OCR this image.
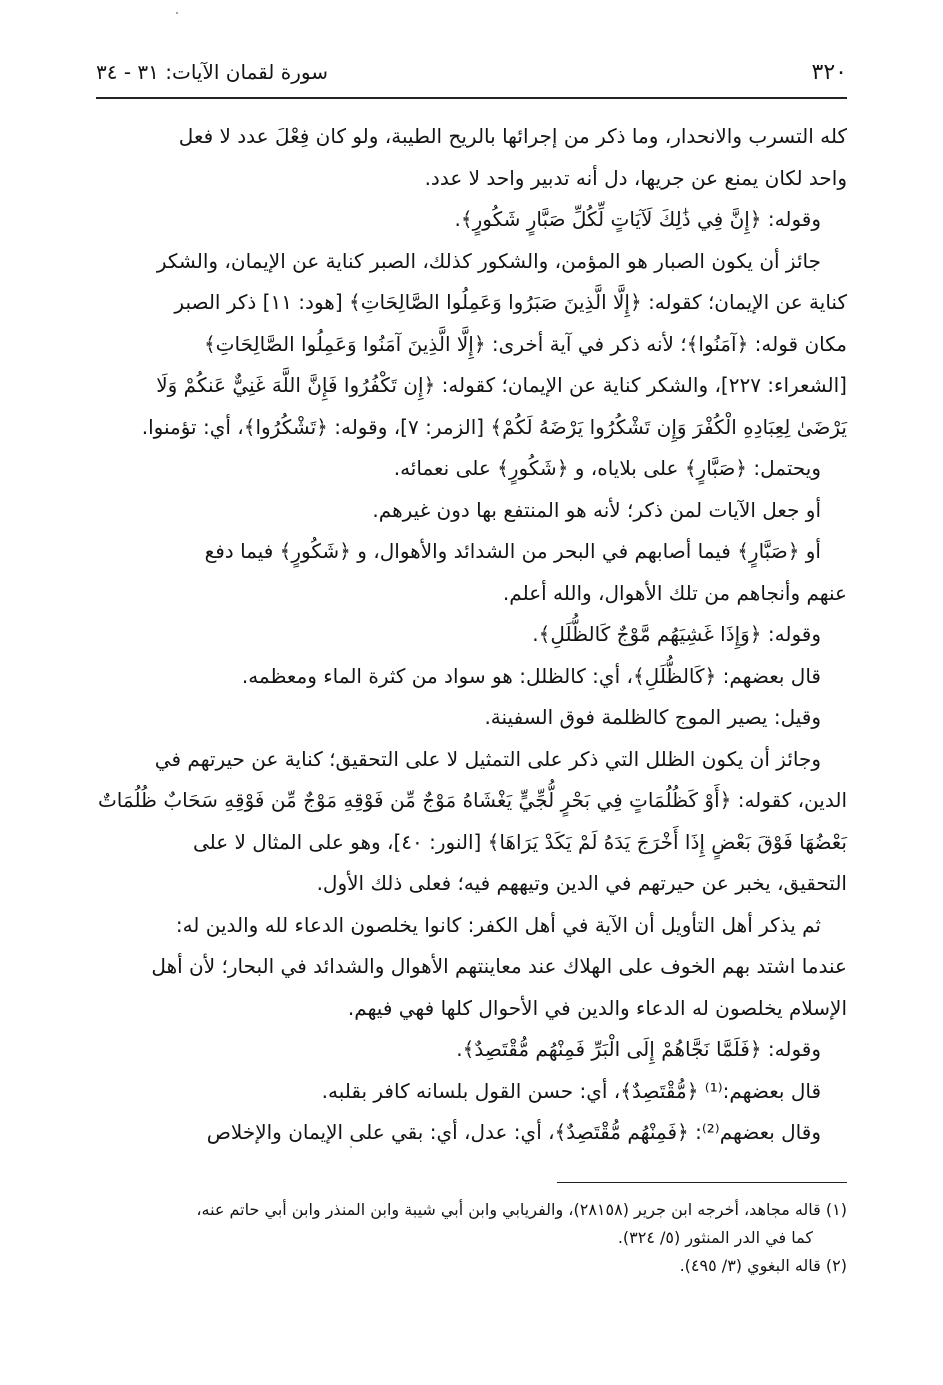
٣٢٠
سورة لقمان الآيات: ٣١ - ٣٤

كله التسرب والانحدار، وما ذكر من إجرائها بالريح الطيبة، ولو كان فِعْلَ عدد لا فعل

واحد لكان يمنع عن جريها، دل أنه تدبير واحد لا عدد.

وقوله: ﴿إِنَّ فِي ذَٰلِكَ لَآيَاتٍ لِّكُلِّ صَبَّارٍ شَكُورٍ﴾.

جائز أن يكون الصبار هو المؤمن، والشكور كذلك، الصبر كناية عن الإيمان، والشكر

كناية عن الإيمان؛ كقوله: ﴿إِلَّا الَّذِينَ صَبَرُوا وَعَمِلُوا الصَّالِحَاتِ﴾ [هود: ١١] ذكر الصبر

مكان قوله: ﴿آمَنُوا﴾؛ لأنه ذكر في آية أخرى: ﴿إِلَّا الَّذِينَ آمَنُوا وَعَمِلُوا الصَّالِحَاتِ﴾

[الشعراء: ٢٢٧]، والشكر كناية عن الإيمان؛ كقوله: ﴿إِن تَكْفُرُوا فَإِنَّ اللَّهَ غَنِيٌّ عَنكُمْ وَلَا

يَرْضَىٰ لِعِبَادِهِ الْكُفْرَ وَإِن تَشْكُرُوا يَرْضَهُ لَكُمْ﴾ [الزمر: ٧]، وقوله: ﴿تَشْكُرُوا﴾، أي: تؤمنوا.

ويحتمل: ﴿صَبَّارٍ﴾ على بلاياه، و ﴿شَكُورٍ﴾ على نعمائه.

أو جعل الآيات لمن ذكر؛ لأنه هو المنتفع بها دون غيرهم.

أو ﴿صَبَّارٍ﴾ فيما أصابهم في البحر من الشدائد والأهوال، و ﴿شَكُورٍ﴾ فيما دفع

عنهم وأنجاهم من تلك الأهوال، والله أعلم.

وقوله: ﴿وَإِذَا غَشِيَهُم مَّوْجٌ كَالظُّلَلِ﴾.

قال بعضهم: ﴿كَالظُّلَلِ﴾، أي: كالظلل: هو سواد من كثرة الماء ومعظمه.

وقيل: يصير الموج كالظلمة فوق السفينة.

وجائز أن يكون الظلل التي ذكر على التمثيل لا على التحقيق؛ كناية عن حيرتهم في

الدين، كقوله: ﴿أَوْ كَظُلُمَاتٍ فِي بَحْرٍ لُّجِّيٍّ يَغْشَاهُ مَوْجٌ مِّن فَوْقِهِ مَوْجٌ مِّن فَوْقِهِ سَحَابٌ ظُلُمَاتٌ

بَعْضُهَا فَوْقَ بَعْضٍ إِذَا أَخْرَجَ يَدَهُ لَمْ يَكَدْ يَرَاهَا﴾ [النور: ٤٠]، وهو على المثال لا على

التحقيق، يخبر عن حيرتهم في الدين وتيههم فيه؛ فعلى ذلك الأول.

ثم يذكر أهل التأويل أن الآية في أهل الكفر: كانوا يخلصون الدعاء لله والدين له:

عندما اشتد بهم الخوف على الهلاك عند معاينتهم الأهوال والشدائد في البحار؛ لأن أهل

الإسلام يخلصون له الدعاء والدين في الأحوال كلها فهي فيهم.

وقوله: ﴿فَلَمَّا نَجَّاهُمْ إِلَى الْبَرِّ فَمِنْهُم مُّقْتَصِدٌ﴾.

قال بعضهم:⁽¹⁾ ﴿مُّقْتَصِدٌ﴾، أي: حسن القول بلسانه كافر بقلبه.

وقال بعضهم⁽²⁾: ﴿فَمِنْهُم مُّقْتَصِدٌ﴾، أي: عدل، أي: بقي على الإيمان والإخلاص

(١) قاله مجاهد، أخرجه ابن جرير (٢٨١٥٨)، والفريابي وابن أبي شيبة وابن المنذر وابن أبي حاتم عنه،

كما في الدر المنثور (٥/ ٣٢٤).

(٢) قاله البغوي (٣/ ٤٩٥).
